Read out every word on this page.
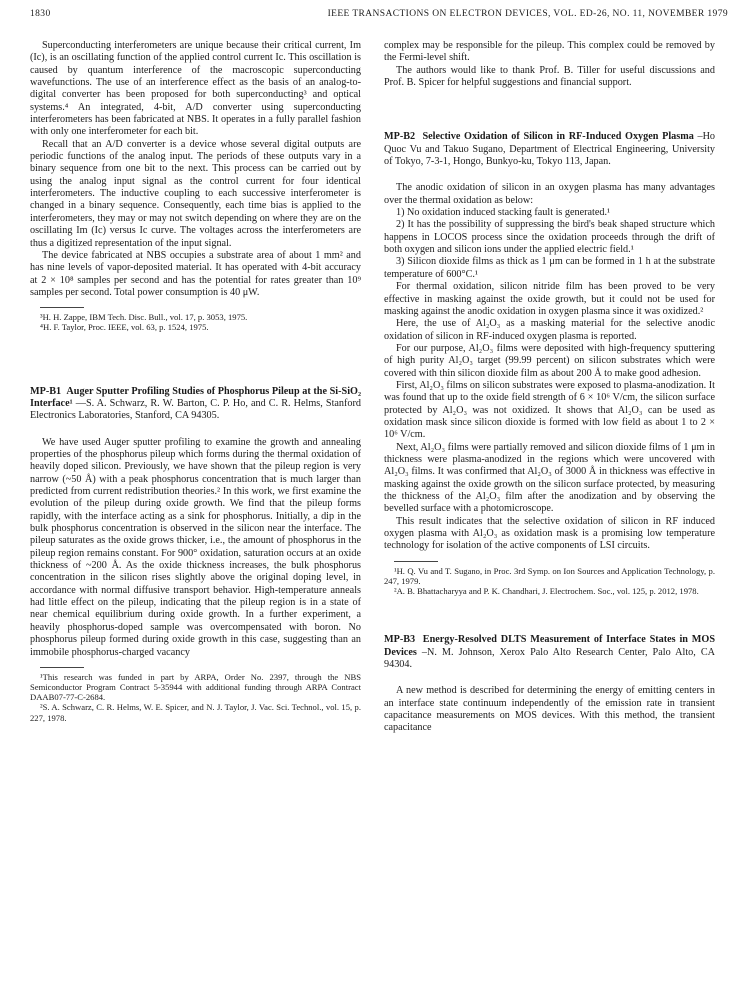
1830	IEEE TRANSACTIONS ON ELECTRON DEVICES, VOL. ED-26, NO. 11, NOVEMBER 1979

Superconducting interferometers are unique because their critical current, Im (Ic), is an oscillating function of the applied control current Ic. This oscillation is caused by quantum interference of the macroscopic superconducting wavefunctions. The use of an interference effect as the basis of an analog-to-digital converter has been proposed for both superconducting³ and optical systems.⁴ An integrated, 4-bit, A/D converter using superconducting interferometers has been fabricated at NBS. It operates in a fully parallel fashion with only one interferometer for each bit.

Recall that an A/D converter is a device whose several digital outputs are periodic functions of the analog input. The periods of these outputs vary in a binary sequence from one bit to the next. This process can be carried out by using the analog input signal as the control current for four identical interferometers. The inductive coupling to each successive interferometer is changed in a binary sequence. Consequently, each time bias is applied to the interferometers, they may or may not switch depending on where they are on the oscillating Im (Ic) versus Ic curve. The voltages across the interferometers are thus a digitized representation of the input signal.

The device fabricated at NBS occupies a substrate area of about 1 mm² and has nine levels of vapor-deposited material. It has operated with 4-bit accuracy at 2 × 10⁸ samples per second and has the potential for rates greater than 10⁹ samples per second. Total power consumption is 40 μW.

³H. H. Zappe, IBM Tech. Disc. Bull., vol. 17, p. 3053, 1975.

⁴H. F. Taylor, Proc. IEEE, vol. 63, p. 1524, 1975.

MP-B1 Auger Sputter Profiling Studies of Phosphorus Pileup at the Si-SiO₂ Interface¹ —S. A. Schwarz, R. W. Barton, C. P. Ho, and C. R. Helms, Stanford Electronics Laboratories, Stanford, CA 94305.

We have used Auger sputter profiling to examine the growth and annealing properties of the phosphorus pileup which forms during the thermal oxidation of heavily doped silicon. Previously, we have shown that the pileup region is very narrow (~50 Å) with a peak phosphorus concentration that is much larger than predicted from current redistribution theories.² In this work, we first examine the evolution of the pileup during oxide growth. We find that the pileup forms rapidly, with the interface acting as a sink for phosphorus. Initially, a dip in the bulk phosphorus concentration is observed in the silicon near the interface. The pileup saturates as the oxide grows thicker, i.e., the amount of phosphorus in the pileup region remains constant. For 900° oxidation, saturation occurs at an oxide thickness of ~200 Å. As the oxide thickness increases, the bulk phosphorus concentration in the silicon rises slightly above the original doping level, in accordance with normal diffusive transport behavior. High-temperature anneals had little effect on the pileup, indicating that the pileup region is in a state of near chemical equilibrium during oxide growth. In a further experiment, a heavily phosphorus-doped sample was overcompensated with boron. No phosphorus pileup formed during oxide growth in this case, suggesting than an immobile phosphorus-charged vacancy

¹This research was funded in part by ARPA, Order No. 2397, through the NBS Semiconductor Program Contract 5-35944 with additional funding through ARPA Contract DAAB07-77-C-2684.

²S. A. Schwarz, C. R. Helms, W. E. Spicer, and N. J. Taylor, J. Vac. Sci. Technol., vol. 15, p. 227, 1978.

complex may be responsible for the pileup. This complex could be removed by the Fermi-level shift.

The authors would like to thank Prof. B. Tiller for useful discussions and Prof. B. Spicer for helpful suggestions and financial support.

MP-B2 Selective Oxidation of Silicon in RF-Induced Oxygen Plasma –Ho Quoc Vu and Takuo Sugano, Department of Electrical Engineering, University of Tokyo, 7-3-1, Hongo, Bunkyo-ku, Tokyo 113, Japan.

The anodic oxidation of silicon in an oxygen plasma has many advantages over the thermal oxidation as below:

1) No oxidation induced stacking fault is generated.¹

2) It has the possibility of suppressing the bird's beak shaped structure which happens in LOCOS process since the oxidation proceeds through the drift of both oxygen and silicon ions under the applied electric field.¹

3) Silicon dioxide films as thick as 1 μm can be formed in 1 h at the substrate temperature of 600°C.¹

For thermal oxidation, silicon nitride film has been proved to be very effective in masking against the oxide growth, but it could not be used for masking against the anodic oxidation in oxygen plasma since it was oxidized.²

Here, the use of Al₂O₃ as a masking material for the selective anodic oxidation of silicon in RF-induced oxygen plasma is reported.

For our purpose, Al₂O₃ films were deposited with high-frequency sputtering of high purity Al₂O₃ target (99.99 percent) on silicon substrates which were covered with thin silicon dioxide film as about 200 Å to make good adhesion.

First, Al₂O₃ films on silicon substrates were exposed to plasma-anodization. It was found that up to the oxide field strength of 6 × 10⁶ V/cm, the silicon surface protected by Al₂O₃ was not oxidized. It shows that Al₂O₃ can be used as oxidation mask since silicon dioxide is formed with low field as about 1 to 2 × 10⁶ V/cm.

Next, Al₂O₃ films were partially removed and silicon dioxide films of 1 μm in thickness were plasma-anodized in the regions which were uncovered with Al₂O₃ films. It was confirmed that Al₂O₃ of 3000 Å in thickness was effective in masking against the oxide growth on the silicon surface protected, by measuring the thickness of the Al₂O₃ film after the anodization and by observing the bevelled surface with a photomicroscope.

This result indicates that the selective oxidation of silicon in RF induced oxygen plasma with Al₂O₃ as oxidation mask is a promising low temperature technology for isolation of the active components of LSI circuits.

¹H. Q. Vu and T. Sugano, in Proc. 3rd Symp. on Ion Sources and Application Technology, p. 247, 1979.

²A. B. Bhattacharyya and P. K. Chandhari, J. Electrochem. Soc., vol. 125, p. 2012, 1978.

MP-B3 Energy-Resolved DLTS Measurement of Interface States in MOS Devices –N. M. Johnson, Xerox Palo Alto Research Center, Palo Alto, CA 94304.

A new method is described for determining the energy of emitting centers in an interface state continuum independently of the emission rate in transient capacitance measurements on MOS devices. With this method, the transient capacitance
